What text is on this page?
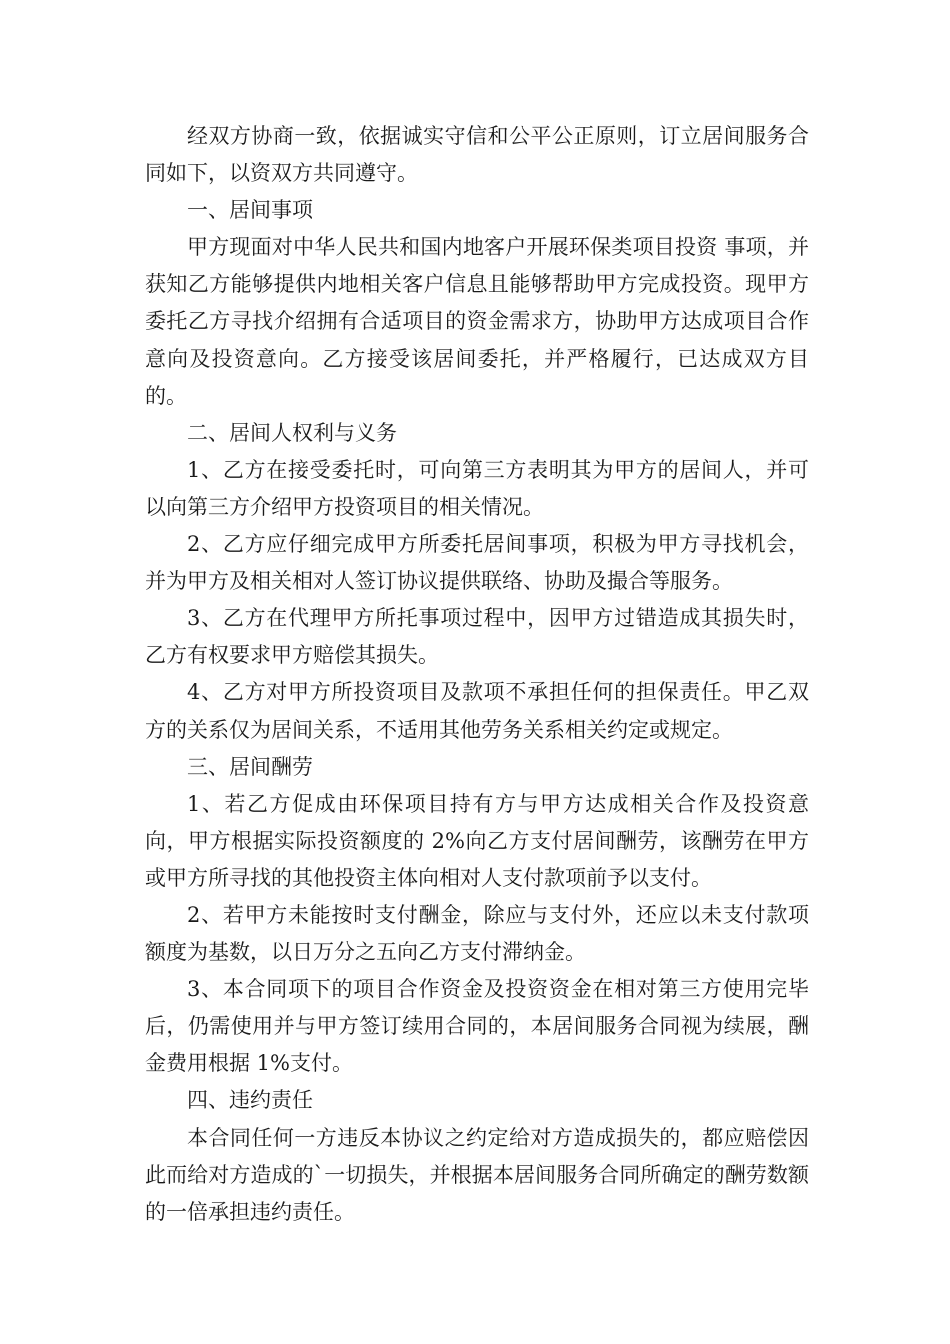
经双方协商一致，依据诚实守信和公平公正原则，订立居间服务合同如下，以资双方共同遵守。

一、居间事项

甲方现面对中华人民共和国内地客户开展环保类项目投资 事项，并获知乙方能够提供内地相关客户信息且能够帮助甲方完成投资。现甲方委托乙方寻找介绍拥有合适项目的资金需求方，协助甲方达成项目合作意向及投资意向。乙方接受该居间委托，并严格履行，已达成双方目的。

二、居间人权利与义务

1、乙方在接受委托时，可向第三方表明其为甲方的居间人，并可以向第三方介绍甲方投资项目的相关情况。

2、乙方应仔细完成甲方所委托居间事项，积极为甲方寻找机会，并为甲方及相关相对人签订协议提供联络、协助及撮合等服务。

3、乙方在代理甲方所托事项过程中，因甲方过错造成其损失时，乙方有权要求甲方赔偿其损失。

4、乙方对甲方所投资项目及款项不承担任何的担保责任。甲乙双方的关系仅为居间关系，不适用其他劳务关系相关约定或规定。

三、居间酬劳

1、若乙方促成由环保项目持有方与甲方达成相关合作及投资意向，甲方根据实际投资额度的 2%向乙方支付居间酬劳，该酬劳在甲方或甲方所寻找的其他投资主体向相对人支付款项前予以支付。

2、若甲方未能按时支付酬金，除应与支付外，还应以未支付款项额度为基数，以日万分之五向乙方支付滞纳金。

3、本合同项下的项目合作资金及投资资金在相对第三方使用完毕后，仍需使用并与甲方签订续用合同的，本居间服务合同视为续展，酬金费用根据 1%支付。

四、违约责任

本合同任何一方违反本协议之约定给对方造成损失的，都应赔偿因此而给对方造成的`一切损失，并根据本居间服务合同所确定的酬劳数额的一倍承担违约责任。
